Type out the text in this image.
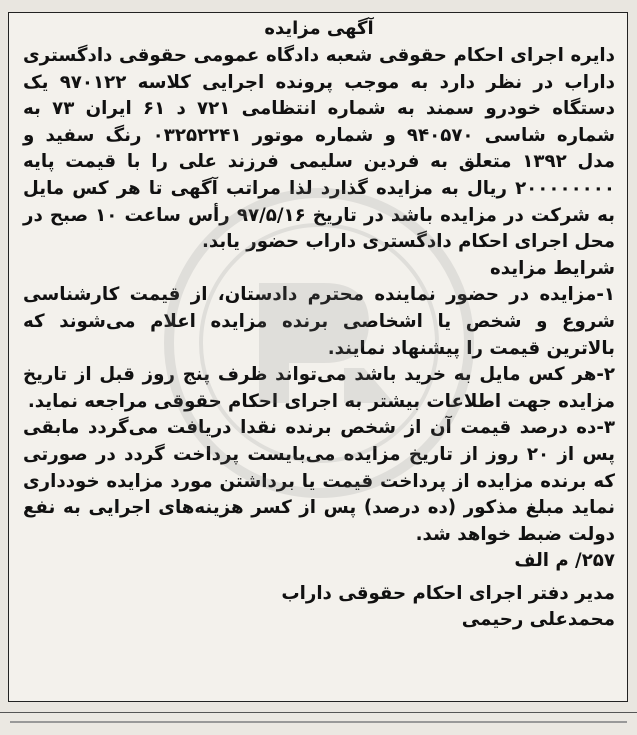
آگهی مزایده

دایره اجرای احکام حقوقی شعبه دادگاه عمومی حقوقی دادگستری داراب در نظر دارد به موجب پرونده اجرایی کلاسه ۹۷۰۱۲۲ یک دستگاه خودرو سمند به شماره انتظامی ۷۲۱ د ۶۱ ایران ۷۳ به شماره شاسی ۹۴۰۵۷۰ و شماره موتور ۰۳۲۵۲۲۴۱ رنگ سفید و مدل ۱۳۹۲ متعلق به فردین سلیمی فرزند علی را با قیمت پایه ۲۰۰۰۰۰۰۰۰ ریال به مزایده گذارد لذا مراتب آگهی تا هر کس مایل به شرکت در مزایده باشد در تاریخ ۹۷/۵/۱۶ رأس ساعت ۱۰ صبح در محل اجرای احکام دادگستری داراب حضور یابد.

شرایط مزایده

۱-مزایده در حضور نماینده محترم دادستان، از قیمت کارشناسی شروع و شخص یا اشخاصی برنده مزایده اعلام می‌شوند که بالاترین قیمت را پیشنهاد نمایند.

۲-هر کس مایل به خرید باشد می‌تواند ظرف پنج روز قبل از تاریخ مزایده جهت اطلاعات بیشتر به اجرای احکام حقوقی مراجعه نماید.

۳-ده درصد قیمت آن از شخص برنده نقدا دریافت می‌گردد مابقی پس از ۲۰ روز از تاریخ مزایده می‌بایست پرداخت گردد در صورتی که برنده مزایده از پرداخت قیمت یا برداشتن مورد مزایده خودداری نماید مبلغ مذکور (ده درصد) پس از کسر هزینه‌های اجرایی به نفع دولت ضبط خواهد شد.

۲۵۷/ م الف

مدیر دفتر اجرای احکام حقوقی داراب

محمدعلی رحیمی
